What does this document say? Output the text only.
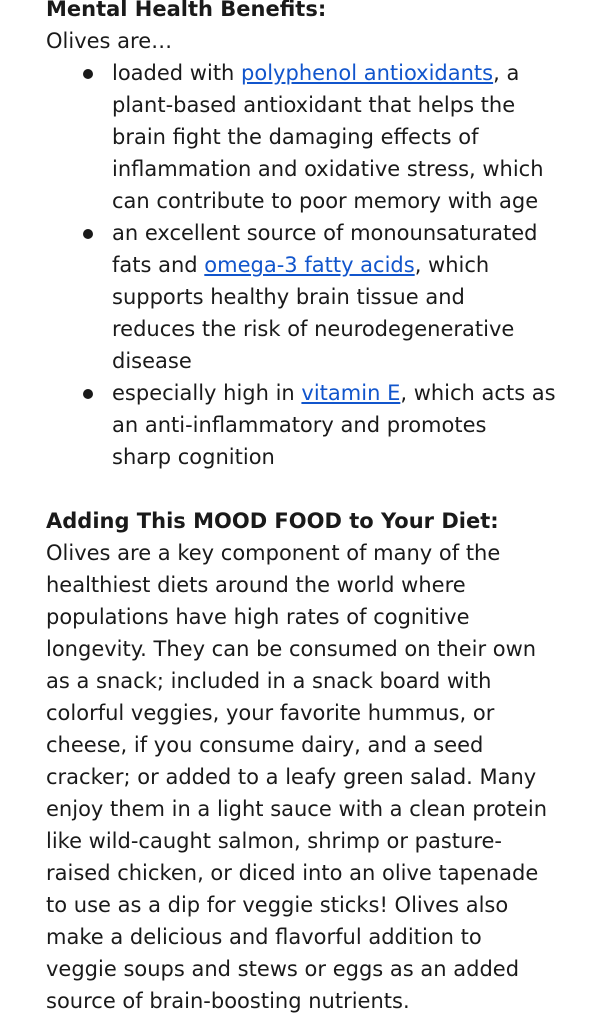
Mental Health Benefits:
Olives are…
loaded with polyphenol antioxidants, a
plant-based antioxidant that helps the
brain fight the damaging effects of
inflammation and oxidative stress, which
can contribute to poor memory with age
an excellent source of monounsaturated
fats and omega-3 fatty acids, which
supports healthy brain tissue and
reduces the risk of neurodegenerative
disease
especially high in vitamin E, which acts as
an anti-inflammatory and promotes
sharp cognition
Adding This MOOD FOOD to Your Diet:
Olives are a key component of many of the
healthiest diets around the world where
populations have high rates of cognitive
longevity. They can be consumed on their own
as a snack; included in a snack board with
colorful veggies, your favorite hummus, or
cheese, if you consume dairy, and a seed
cracker; or added to a leafy green salad. Many
enjoy them in a light sauce with a clean protein
like wild-caught salmon, shrimp or pasture-
raised chicken, or diced into an olive tapenade
to use as a dip for veggie sticks! Olives also
make a delicious and flavorful addition to
veggie soups and stews or eggs as an added
source of brain-boosting nutrients.
